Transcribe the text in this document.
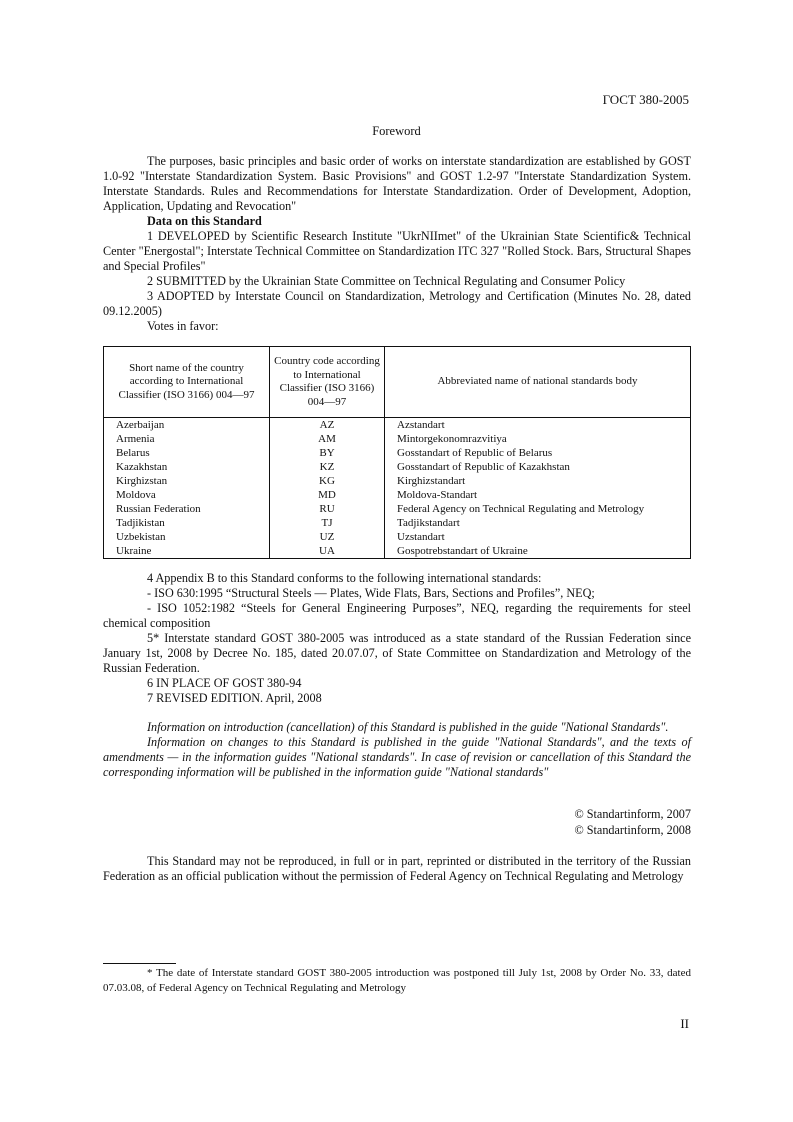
ГОСТ 380-2005
Foreword

The purposes, basic principles and basic order of works on interstate standardization are established by GOST 1.0-92 "Interstate Standardization System. Basic Provisions" and GOST 1.2-97 "Interstate Standardization System. Interstate Standards. Rules and Recommendations for Interstate Standardization. Order of Development, Adoption, Application, Updating and Revocation"

Data on this Standard

1 DEVELOPED by Scientific Research Institute "UkrNIImet" of the Ukrainian State Scientific& Technical Center "Energostal"; Interstate Technical Committee on Standardization ITC 327 "Rolled Stock. Bars, Structural Shapes and Special Profiles"

2 SUBMITTED by the Ukrainian State Committee on Technical Regulating and Consumer Policy

3 ADOPTED by Interstate Council on Standardization, Metrology and Certification (Minutes No. 28, dated 09.12.2005)

Votes in favor:

Short name of the country according to International Classifier (ISO 3166) 004—97	Country code according to International Classifier (ISO 3166) 004—97	Abbreviated name of national standards body
Azerbaijan	AZ	Azstandart
Armenia	AM	Mintorgekonomrazvitiya
Belarus	BY	Gosstandart of Republic of Belarus
Kazakhstan	KZ	Gosstandart of Republic of Kazakhstan
Kirghizstan	KG	Kirghizstandart
Moldova	MD	Moldova-Standart
Russian Federation	RU	Federal Agency on Technical Regulating and Metrology
Tadjikistan	TJ	Tadjikstandart
Uzbekistan	UZ	Uzstandart
Ukraine	UA	Gospotrebstandart of Ukraine

4 Appendix B to this Standard conforms to the following international standards:

- ISO 630:1995 “Structural Steels — Plates, Wide Flats, Bars, Sections and Profiles”, NEQ;

- ISO 1052:1982 “Steels for General Engineering Purposes”, NEQ, regarding the requirements for steel chemical composition

5* Interstate standard GOST 380-2005 was introduced as a state standard of the Russian Federation since January 1st, 2008 by Decree No. 185, dated 20.07.07, of State Committee on Standardization and Metrology of the Russian Federation.

6 IN PLACE OF GOST 380-94

7 REVISED EDITION. April, 2008

Information on introduction (cancellation) of this Standard is published in the guide "National Standards".

Information on changes to this Standard is published in the guide "National Standards", and the texts of amendments — in the information guides "National standards". In case of revision or cancellation of this Standard the corresponding information will be published in the information guide "National standards"

© Standartinform, 2007
© Standartinform, 2008

This Standard may not be reproduced, in full or in part, reprinted or distributed in the territory of the Russian Federation as an official publication without the permission of Federal Agency on Technical Regulating and Metrology

* The date of Interstate standard GOST 380-2005 introduction was postponed till July 1st, 2008 by Order No. 33, dated 07.03.08, of Federal Agency on Technical Regulating and Metrology
II
